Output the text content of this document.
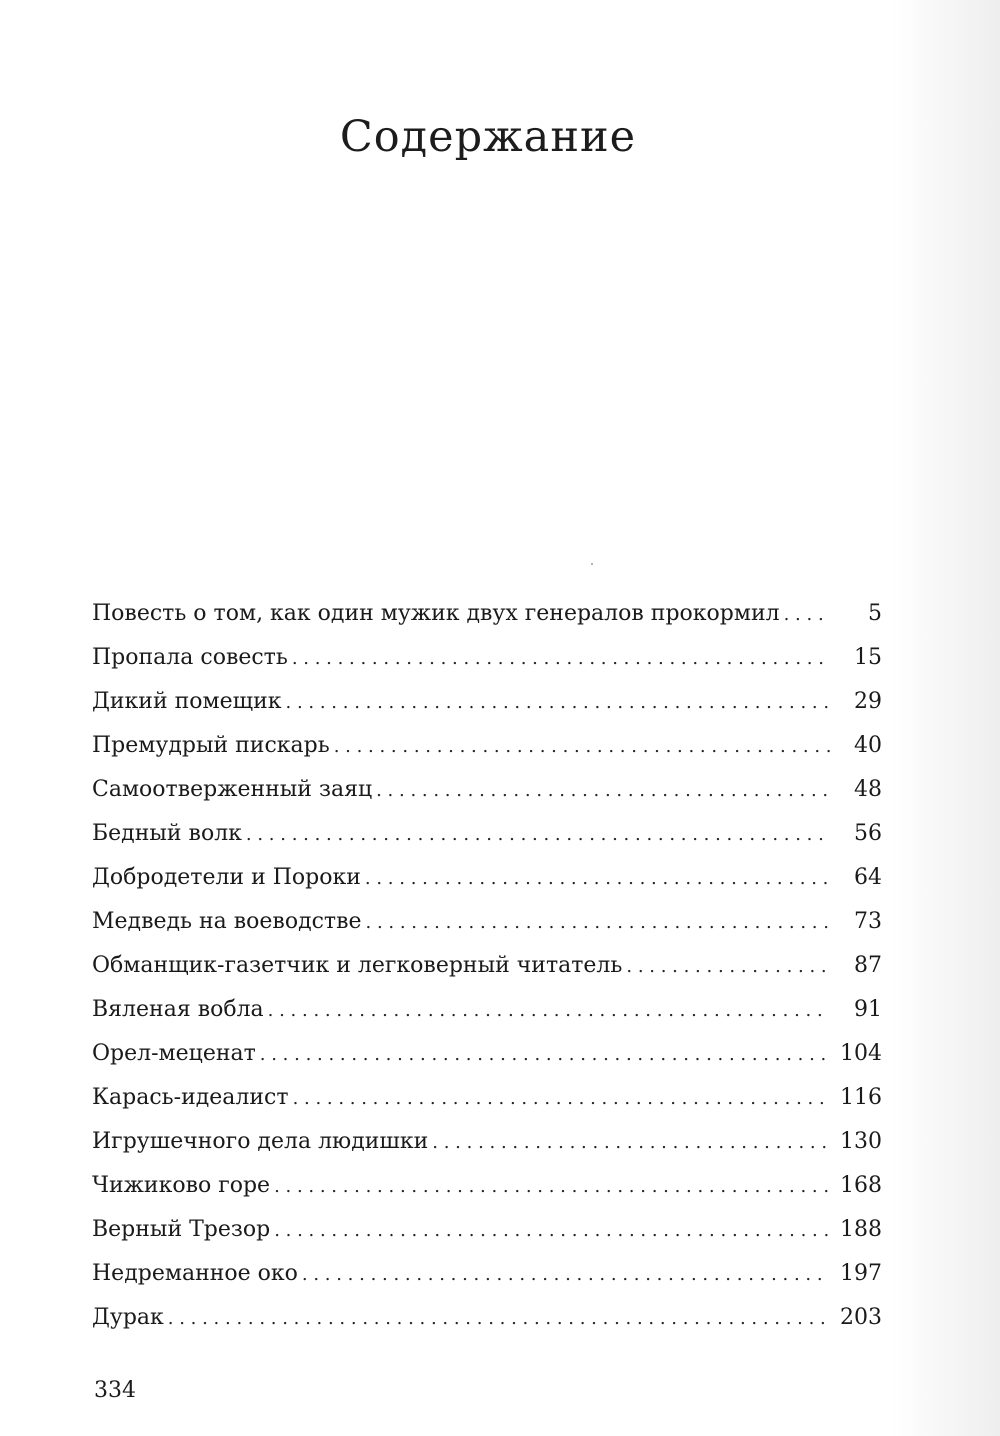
Содержание
Повесть о том, как один мужик двух генералов прокормил . . .	5
Пропала совесть . . .	15
Дикий помещик . . .	29
Премудрый пискарь . . .	40
Самоотверженный заяц . . .	48
Бедный волк . . .	56
Добродетели и Пороки . . .	64
Медведь на воеводстве . . .	73
Обманщик-газетчик и легковерный читатель . . .	87
Вяленая вобла . . .	91
Орел-меценат . . .	104
Карась-идеалист . . .	116
Игрушечного дела людишки . . .	130
Чижиково горе . . .	168
Верный Трезор . . .	188
Недреманное око . . .	197
Дурак . . .	203

334
